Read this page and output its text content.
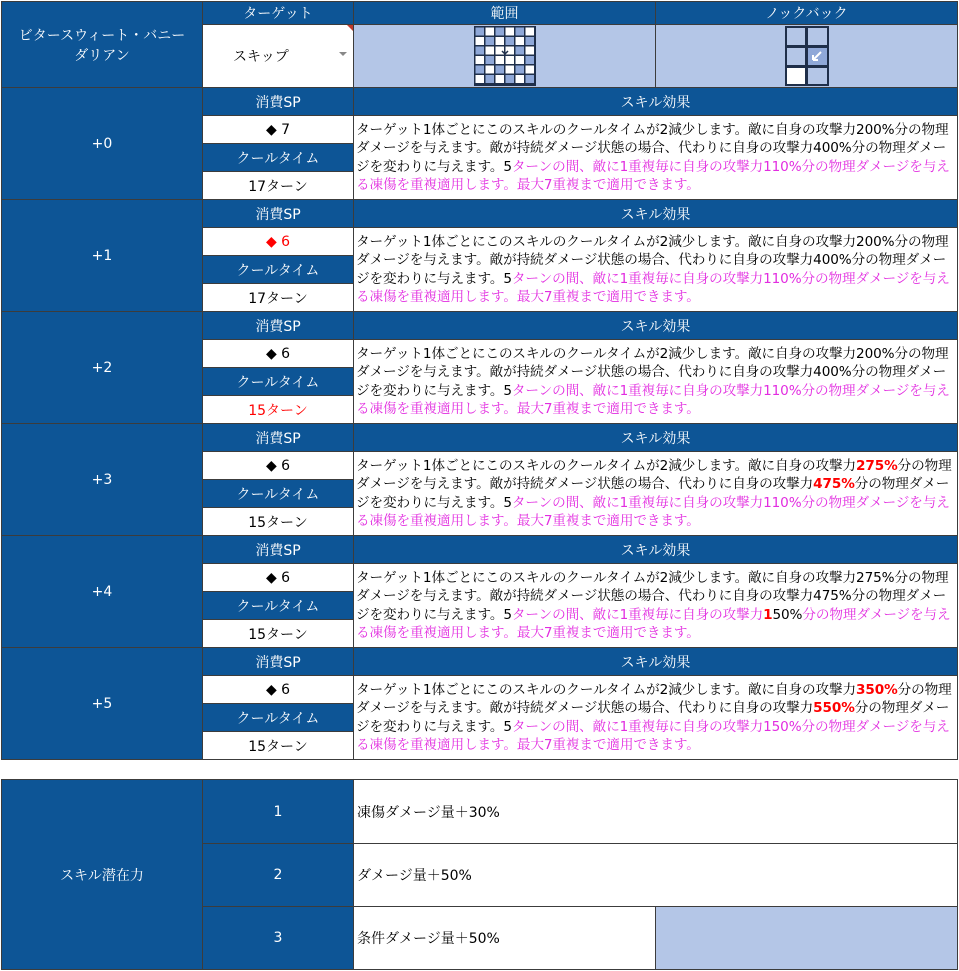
ビタースウィート・バニー
ダリアン	ターゲット	範囲	ノックバック
	スキップ

+0	消費SP	スキル効果
	◆ 7	ターゲット1体ごとにこのスキルのクールタイムが2減少します。敵に自身の攻撃力200%分の物理ダメージを与えます。敵が持続ダメージ状態の場合、代わりに自身の攻撃力400%分の物理ダメージを変わりに与えます。5ターンの間、敵に1重複毎に自身の攻撃力110%分の物理ダメージを与える凍傷を重複適用します。最大7重複まで適用できます。
	クールタイム	
	17ターン	
+1	消費SP	スキル効果
	◆ 6	ターゲット1体ごとにこのスキルのクールタイムが2減少します。敵に自身の攻撃力200%分の物理ダメージを与えます。敵が持続ダメージ状態の場合、代わりに自身の攻撃力400%分の物理ダメージを変わりに与えます。5ターンの間、敵に1重複毎に自身の攻撃力110%分の物理ダメージを与える凍傷を重複適用します。最大7重複まで適用できます。
	クールタイム	
	17ターン	
+2	消費SP	スキル効果
	◆ 6	ターゲット1体ごとにこのスキルのクールタイムが2減少します。敵に自身の攻撃力200%分の物理ダメージを与えます。敵が持続ダメージ状態の場合、代わりに自身の攻撃力400%分の物理ダメージを変わりに与えます。5ターンの間、敵に1重複毎に自身の攻撃力110%分の物理ダメージを与える凍傷を重複適用します。最大7重複まで適用できます。
	クールタイム	
	15ターン	
+3	消費SP	スキル効果
	◆ 6	ターゲット1体ごとにこのスキルのクールタイムが2減少します。敵に自身の攻撃力275%分の物理ダメージを与えます。敵が持続ダメージ状態の場合、代わりに自身の攻撃力475%分の物理ダメージを変わりに与えます。5ターンの間、敵に1重複毎に自身の攻撃力110%分の物理ダメージを与える凍傷を重複適用します。最大7重複まで適用できます。
	クールタイム	
	15ターン	
+4	消費SP	スキル効果
	◆ 6	ターゲット1体ごとにこのスキルのクールタイムが2減少します。敵に自身の攻撃力275%分の物理ダメージを与えます。敵が持続ダメージ状態の場合、代わりに自身の攻撃力475%分の物理ダメージを変わりに与えます。5ターンの間、敵に1重複毎に自身の攻撃力150%分の物理ダメージを与える凍傷を重複適用します。最大7重複まで適用できます。
	クールタイム	
	15ターン	
+5	消費SP	スキル効果
	◆ 6	ターゲット1体ごとにこのスキルのクールタイムが2減少します。敵に自身の攻撃力350%分の物理ダメージを与えます。敵が持続ダメージ状態の場合、代わりに自身の攻撃力550%分の物理ダメージを変わりに与えます。5ターンの間、敵に1重複毎に自身の攻撃力150%分の物理ダメージを与える凍傷を重複適用します。最大7重複まで適用できます。
	クールタイム	
	15ターン	
スキル潜在力	1	凍傷ダメージ量＋30%	
	2	ダメージ量＋50%	
	3	条件ダメージ量＋50%	
